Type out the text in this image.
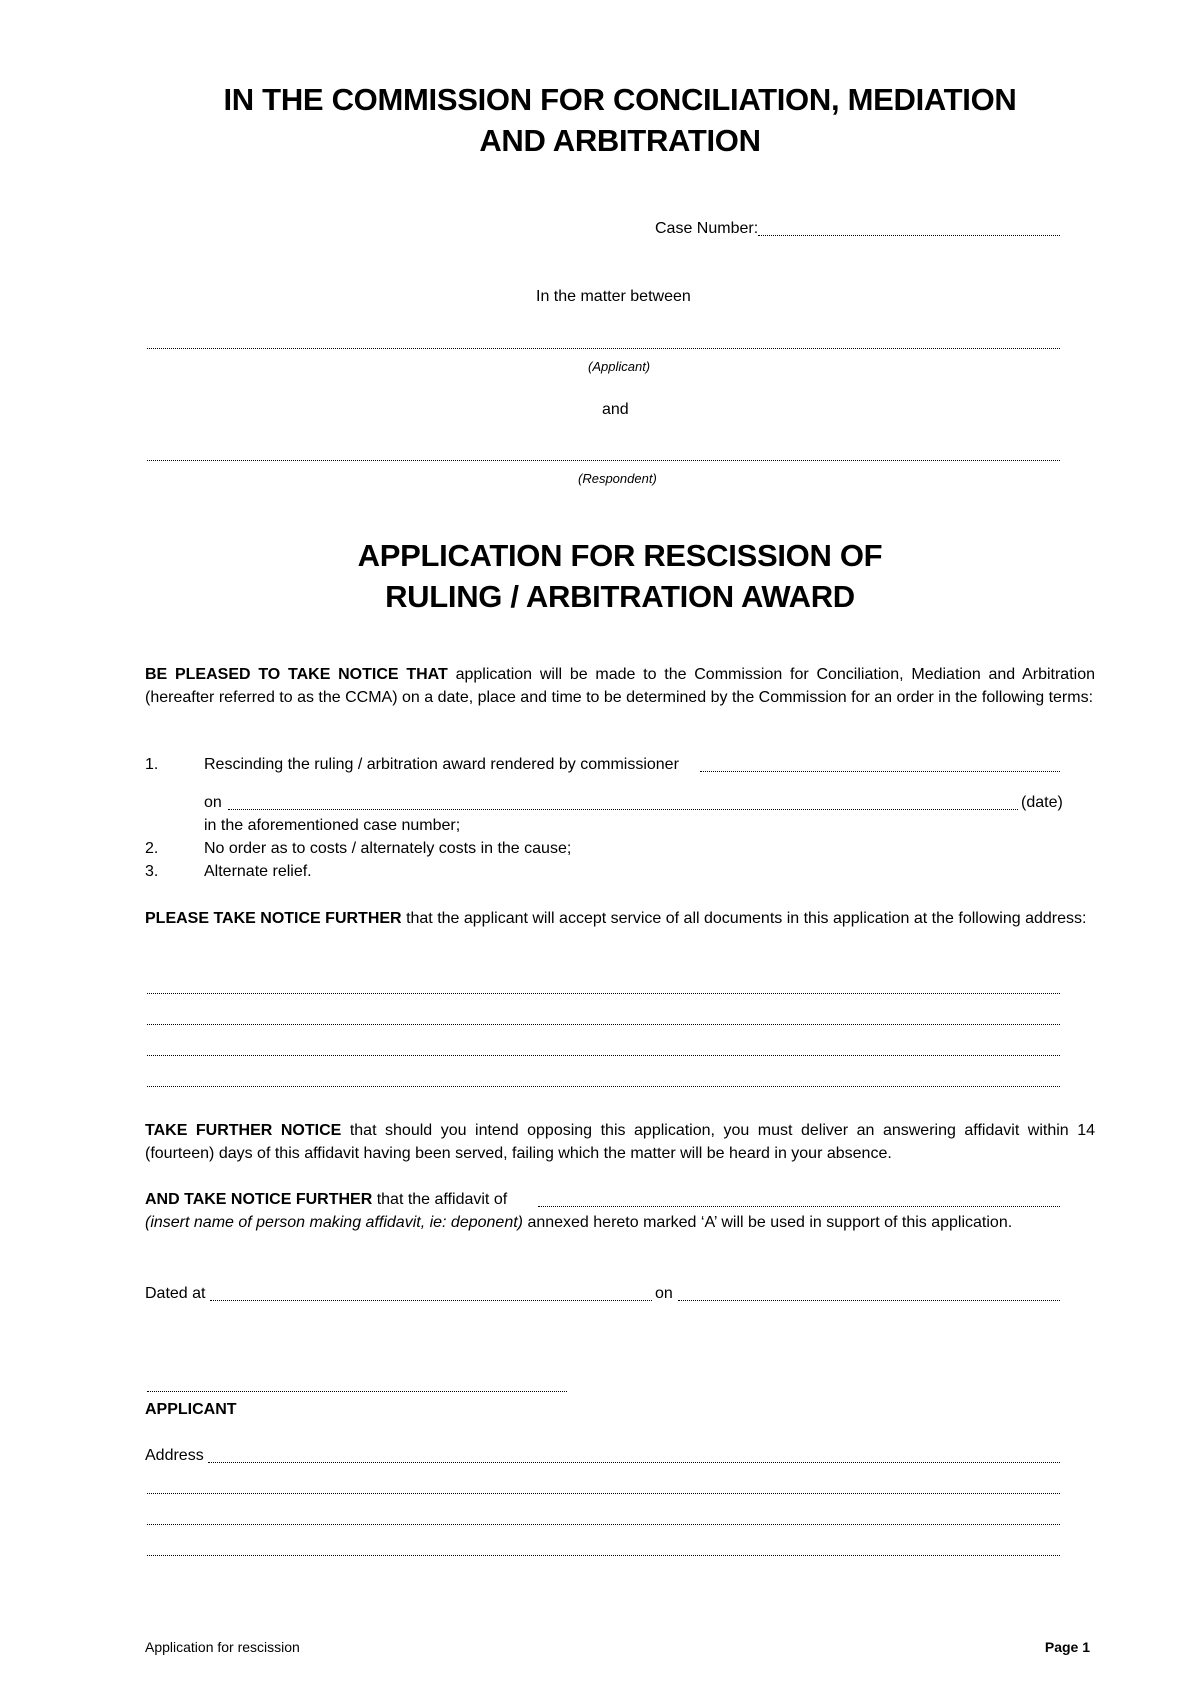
IN THE COMMISSION FOR CONCILIATION, MEDIATION
AND ARBITRATION
Case Number:
In the matter between
(Applicant)
and
(Respondent)
APPLICATION FOR RESCISSION OF
RULING / ARBITRATION AWARD
BE PLEASED TO TAKE NOTICE THAT application will be made to the Commission for Conciliation, Mediation and Arbitration (hereafter referred to as the CCMA) on a date, place and time to be determined by the Commission for an order in the following terms:
1.	Rescinding the ruling / arbitration award rendered by commissioner
on	(date)
in the aforementioned case number;
2.	No order as to costs / alternately costs in the cause;
3.	Alternate relief.
PLEASE TAKE NOTICE FURTHER that the applicant will accept service of all documents in this application at the following address:
TAKE FURTHER NOTICE that should you intend opposing this application, you must deliver an answering affidavit within 14 (fourteen) days of this affidavit having been served, failing which the matter will be heard in your absence.
AND TAKE NOTICE FURTHER that the affidavit of
(insert name of person making affidavit, ie: deponent) annexed hereto marked ‘A’ will be used in support of this application.
Dated at	on
APPLICANT
Address
Application for rescission	Page 1
